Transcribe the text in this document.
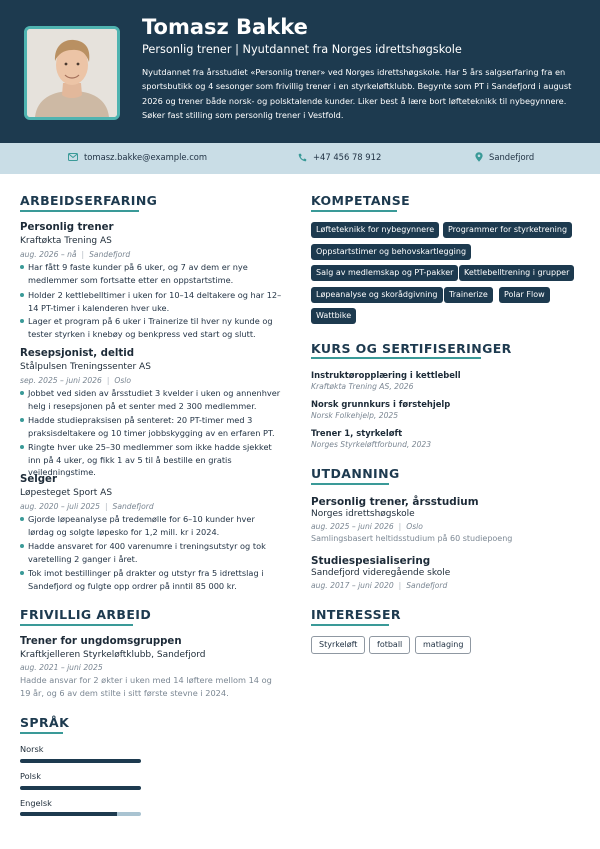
Tomasz Bakke
Personlig trener | Nyutdannet fra Norges idrettshøgskole
Nyutdannet fra årsstudiet «Personlig trener» ved Norges idrettshøgskole. Har 5 års salgserfaring fra en sportsbutikk og 4 sesonger som frivillig trener i en styrkeløftklubb. Begynte som PT i Sandefjord i august 2026 og trener både norsk- og polsktalende kunder. Liker best å lære bort løfteteknikk til nybegynnere. Søker fast stilling som personlig trener i Vestfold.
tomasz.bakke@example.com	+47 456 78 912	Sandefjord
ARBEIDSERFARING
Personlig trener
Kraftøkta Trening AS
aug. 2026 – nå | Sandefjord
Har fått 9 faste kunder på 6 uker, og 7 av dem er nye medlemmer som fortsatte etter en oppstartstime.
Holder 2 kettlebelltimer i uken for 10–14 deltakere og har 12–14 PT-timer i kalenderen hver uke.
Lager et program på 6 uker i Trainerize til hver ny kunde og tester styrken i knebøy og benkpress ved start og slutt.
Resepsjonist, deltid
Stålpulsen Treningssenter AS
sep. 2025 – juni 2026 | Oslo
Jobbet ved siden av årsstudiet 3 kvelder i uken og annenhver helg i resepsjonen på et senter med 2 300 medlemmer.
Hadde studiepraksisen på senteret: 20 PT-timer med 3 praksisdeltakere og 10 timer jobbskygging av en erfaren PT.
Ringte hver uke 25–30 medlemmer som ikke hadde sjekket inn på 4 uker, og fikk 1 av 5 til å bestille en gratis veiledningstime.
Selger
Løpesteget Sport AS
aug. 2020 – juli 2025 | Sandefjord
Gjorde løpeanalyse på tredemølle for 6–10 kunder hver lørdag og solgte løpesko for 1,2 mill. kr i 2024.
Hadde ansvaret for 400 varenumre i treningsutstyr og tok varetelling 2 ganger i året.
Tok imot bestillinger på drakter og utstyr fra 5 idrettslag i Sandefjord og fulgte opp ordrer på inntil 85 000 kr.
FRIVILLIG ARBEID
Trener for ungdomsgruppen
Kraftkjelleren Styrkeløftklubb, Sandefjord
aug. 2021 – juni 2025
Hadde ansvar for 2 økter i uken med 14 løftere mellom 14 og 19 år, og 6 av dem stilte i sitt første stevne i 2024.
SPRÅK
Norsk
Polsk
Engelsk
KOMPETANSE
Løfteteknikk for nybegynnere	Programmer for styrketrening
Oppstartstimer og behovskartlegging
Salg av medlemskap og PT-pakker	Kettlebelltrening i grupper
Løpeanalyse og skorådgivning	Trainerize	Polar Flow
Wattbike
KURS OG SERTIFISERINGER
Instruktøropplæring i kettlebell
Kraftøkta Trening AS, 2026
Norsk grunnkurs i førstehjelp
Norsk Folkehjelp, 2025
Trener 1, styrkeløft
Norges Styrkeløftforbund, 2023
UTDANNING
Personlig trener, årsstudium
Norges idrettshøgskole
aug. 2025 – juni 2026 | Oslo
Samlingsbasert heltidsstudium på 60 studiepoeng
Studiespesialisering
Sandefjord videregående skole
aug. 2017 – juni 2020 | Sandefjord
INTERESSER
Styrkeløft	fotball	matlaging
